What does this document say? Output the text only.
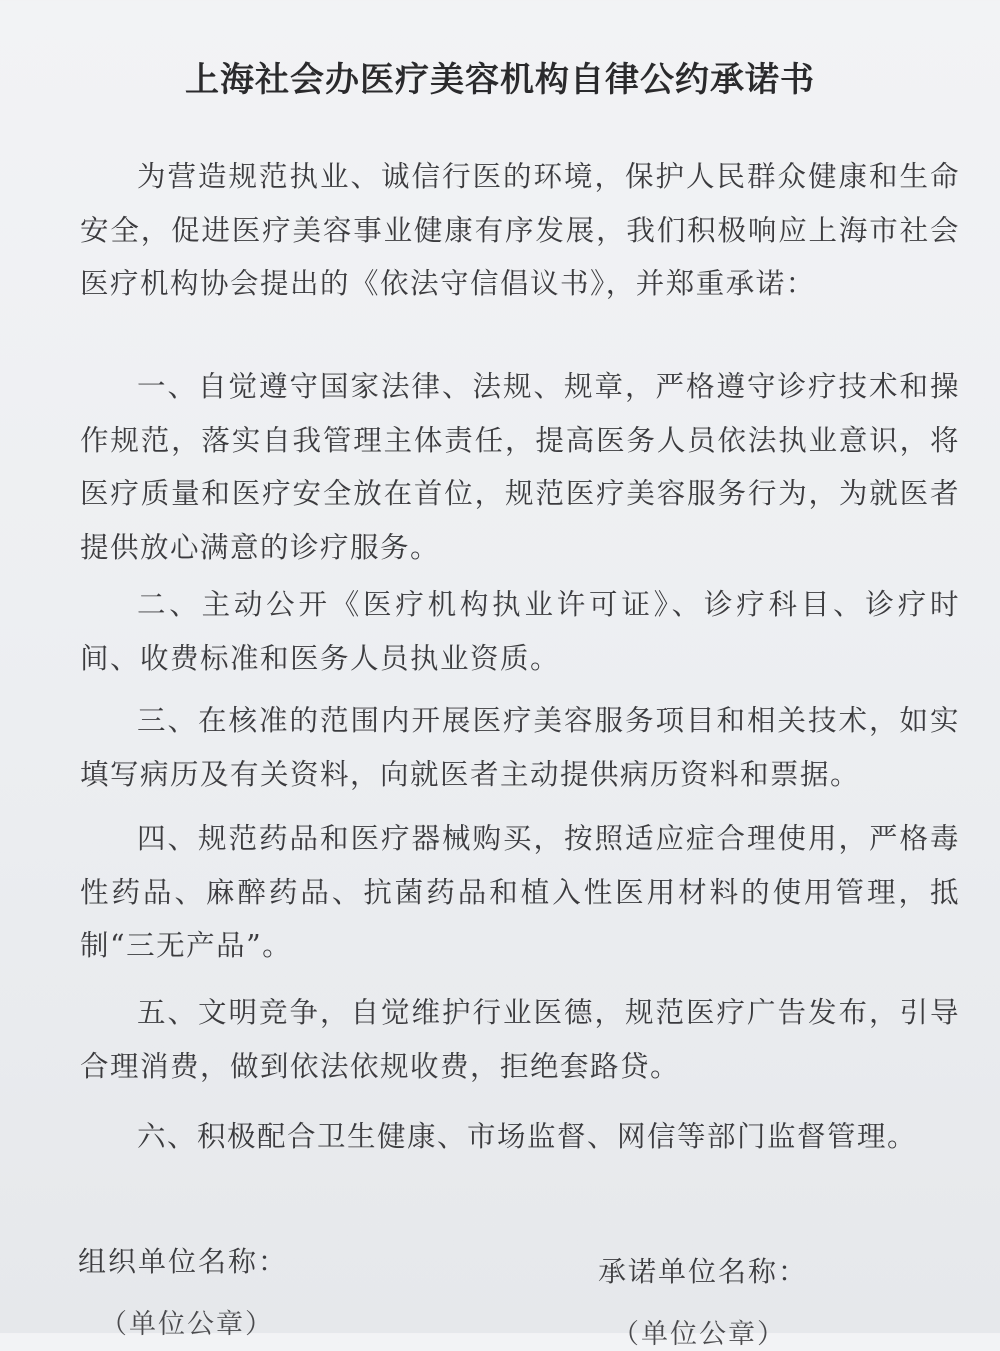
上海社会办医疗美容机构自律公约承诺书

为营造规范执业、诚信行医的环境，保护人民群众健康和生命安全，促进医疗美容事业健康有序发展，我们积极响应上海市社会医疗机构协会提出的《依法守信倡议书》，并郑重承诺：

一、自觉遵守国家法律、法规、规章，严格遵守诊疗技术和操作规范，落实自我管理主体责任，提高医务人员依法执业意识，将医疗质量和医疗安全放在首位，规范医疗美容服务行为，为就医者提供放心满意的诊疗服务。

二、主动公开《医疗机构执业许可证》、诊疗科目、诊疗时间、收费标准和医务人员执业资质。

三、在核准的范围内开展医疗美容服务项目和相关技术，如实填写病历及有关资料，向就医者主动提供病历资料和票据。

四、规范药品和医疗器械购买，按照适应症合理使用，严格毒性药品、麻醉药品、抗菌药品和植入性医用材料的使用管理，抵制“三无产品”。

五、文明竞争，自觉维护行业医德，规范医疗广告发布，引导合理消费，做到依法依规收费，拒绝套路贷。

六、积极配合卫生健康、市场监督、网信等部门监督管理。

组织单位名称：
（单位公章）
承诺单位名称：
（单位公章）
